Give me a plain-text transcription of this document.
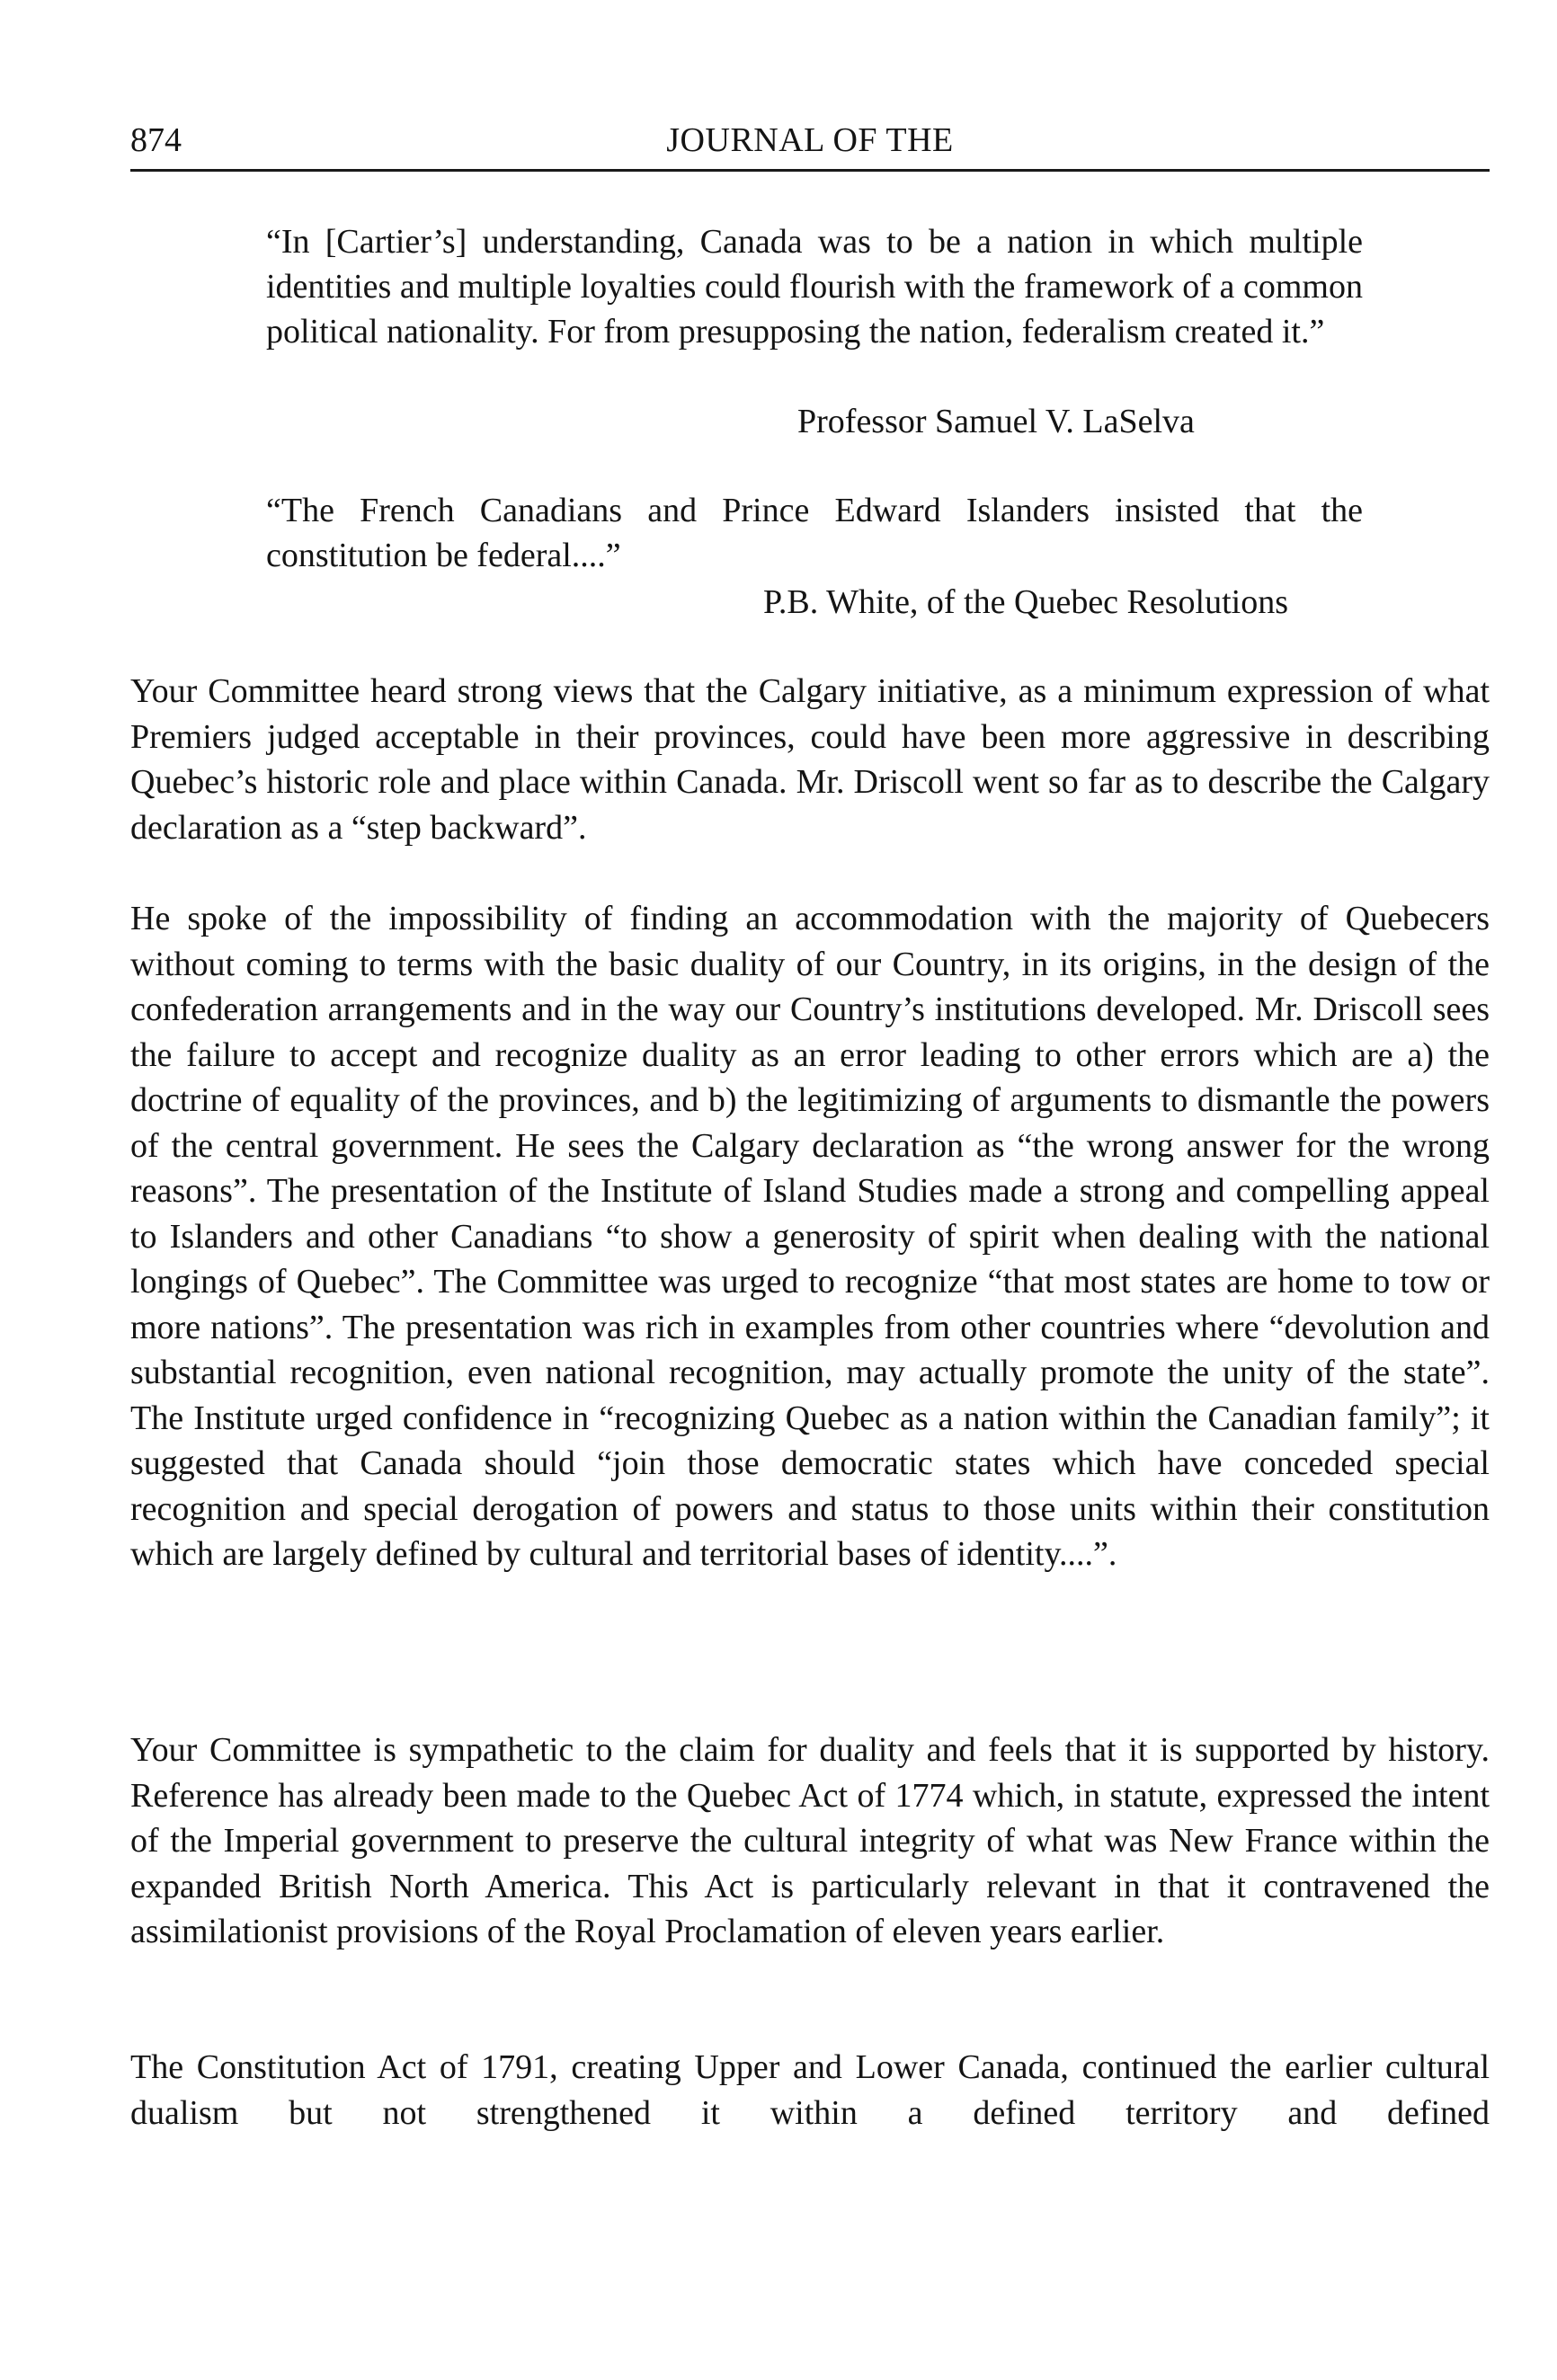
874	JOURNAL OF THE

“In [Cartier’s] understanding, Canada was to be a nation in which multiple identities and multiple loyalties could flourish with the framework of a common political nationality. For from presupposing the nation, federalism created it.”

Professor Samuel V. LaSelva

“The French Canadians and Prince Edward Islanders insisted that the constitution be federal....”

P.B. White, of the Quebec Resolutions

Your Committee heard strong views that the Calgary initiative, as a minimum expression of what Premiers judged acceptable in their provinces, could have been more aggressive in describing Quebec’s historic role and place within Canada. Mr. Driscoll went so far as to describe the Calgary declaration as a “step backward”.

He spoke of the impossibility of finding an accommodation with the majority of Quebecers without coming to terms with the basic duality of our Country, in its origins, in the design of the confederation arrangements and in the way our Country’s institutions developed. Mr. Driscoll sees the failure to accept and recognize duality as an error leading to other errors which are a) the doctrine of equality of the provinces, and b) the legitimizing of arguments to dismantle the powers of the central government. He sees the Calgary declaration as “the wrong answer for the wrong reasons”. The presentation of the Institute of Island Studies made a strong and compelling appeal to Islanders and other Canadians “to show a generosity of spirit when dealing with the national longings of Quebec”. The Committee was urged to recognize “that most states are home to tow or more nations”. The presentation was rich in examples from other countries where “devolution and substantial recognition, even national recognition, may actually promote the unity of the state”. The Institute urged confidence in “recognizing Quebec as a nation within the Canadian family”; it suggested that Canada should “join those democratic states which have conceded special recognition and special derogation of powers and status to those units within their constitution which are largely defined by cultural and territorial bases of identity....”.

Your Committee is sympathetic to the claim for duality and feels that it is supported by history. Reference has already been made to the Quebec Act of 1774 which, in statute, expressed the intent of the Imperial government to preserve the cultural integrity of what was New France within the expanded British North America. This Act is particularly relevant in that it contravened the assimilationist provisions of the Royal Proclamation of eleven years earlier.

The Constitution Act of 1791, creating Upper and Lower Canada, continued the earlier cultural dualism but not strengthened it within a defined territory and defined
